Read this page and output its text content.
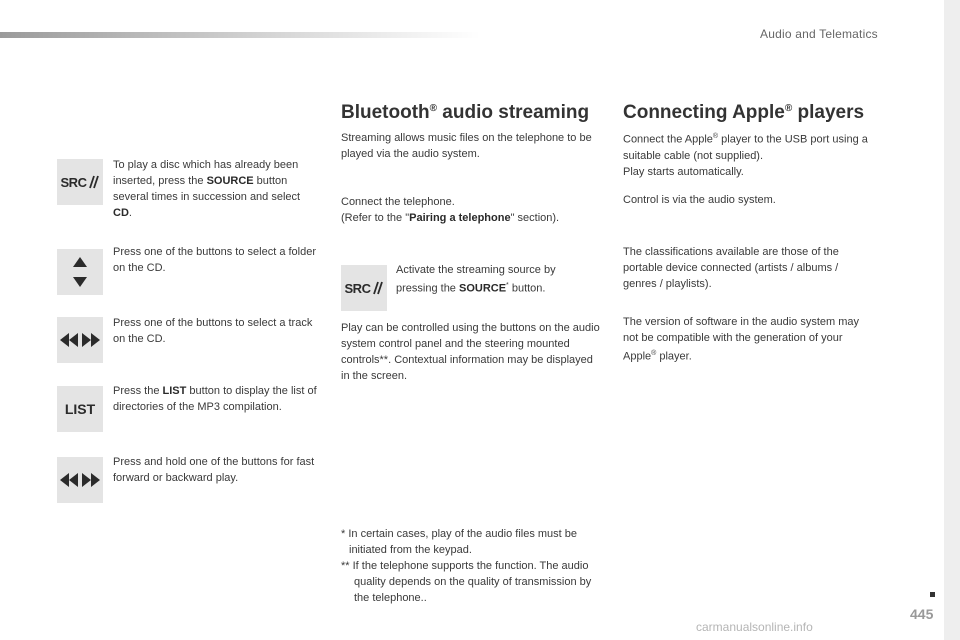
Audio and Telematics
445
carmanualsonline.info
SRC
To play a disc which has already been inserted, press the SOURCE button several times in succession and select CD.
Press one of the buttons to select a folder on the CD.
Press one of the buttons to select a track on the CD.
LIST
Press the LIST button to display the list of directories of the MP3 compilation.
Press and hold one of the buttons for fast forward or backward play.
Bluetooth® audio streaming
Streaming allows music files on the telephone to be played via the audio system.
Connect the telephone.
(Refer to the "Pairing a telephone" section).
SRC
Activate the streaming source by pressing the SOURCE* button.
Play can be controlled using the buttons on the audio system control panel and the steering mounted controls**. Contextual information may be displayed in the screen.
* In certain cases, play of the audio files must be initiated from the keypad.
** If the telephone supports the function. The audio quality depends on the quality of transmission by the telephone..
Connecting Apple® players
Connect the Apple® player to the USB port using a suitable cable (not supplied).
Play starts automatically.
Control is via the audio system.
The classifications available are those of the portable device connected (artists / albums / genres / playlists).
The version of software in the audio system may not be compatible with the generation of your Apple® player.
